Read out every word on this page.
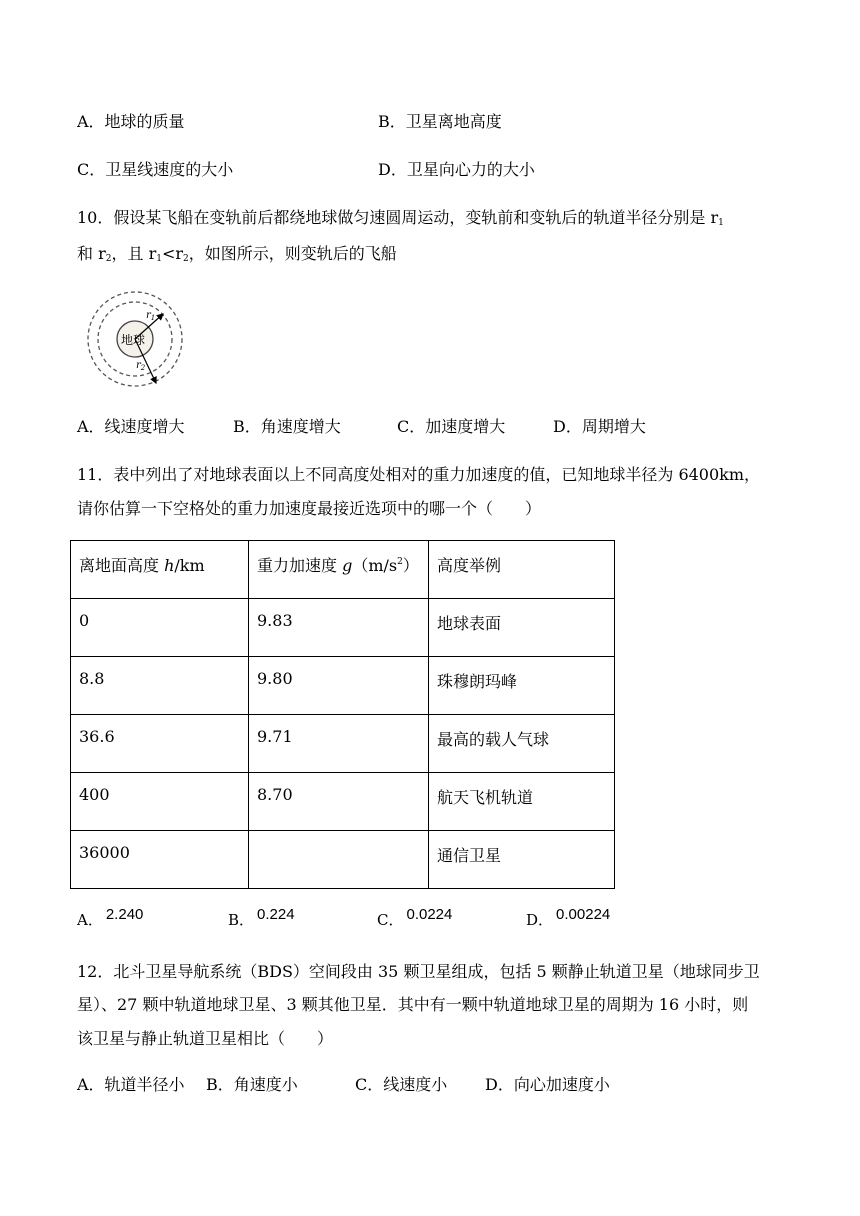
A．地球的质量	B．卫星离地高度
C．卫星线速度的大小	D．卫星向心力的大小
10．假设某飞船在变轨前后都绕地球做匀速圆周运动，变轨前和变轨后的轨道半径分别是 $r_1$
和 $r_2$，且 $r_1<r_2$，如图所示，则变轨后的飞船
地球
$r_1$
$r_2$
A．线速度增大	B．角速度增大	C．加速度增大	D．周期增大
11．表中列出了对地球表面以上不同高度处相对的重力加速度的值，已知地球半径为 6400km，
请你估算一下空格处的重力加速度最接近选项中的哪一个（　　）
离地面高度 h/km	重力加速度 $g(m/s^2)$	高度举例
0	9.83	地球表面
8.8	9.80	珠穆朗玛峰
36.6	9.71	最高的载人气球
400	8.70	航天飞机轨道
36000		通信卫星
A． 2.240	B． 0.224	C． 0.0224	D． 0.00224
12．北斗卫星导航系统（BDS）空间段由 35 颗卫星组成，包括 5 颗静止轨道卫星（地球同步卫
星）、27 颗中轨道地球卫星、3 颗其他卫星．其中有一颗中轨道地球卫星的周期为 16 小时，则
该卫星与静止轨道卫星相比（　　）
A．轨道半径小 B．角速度小	C．线速度小 D．向心加速度小
